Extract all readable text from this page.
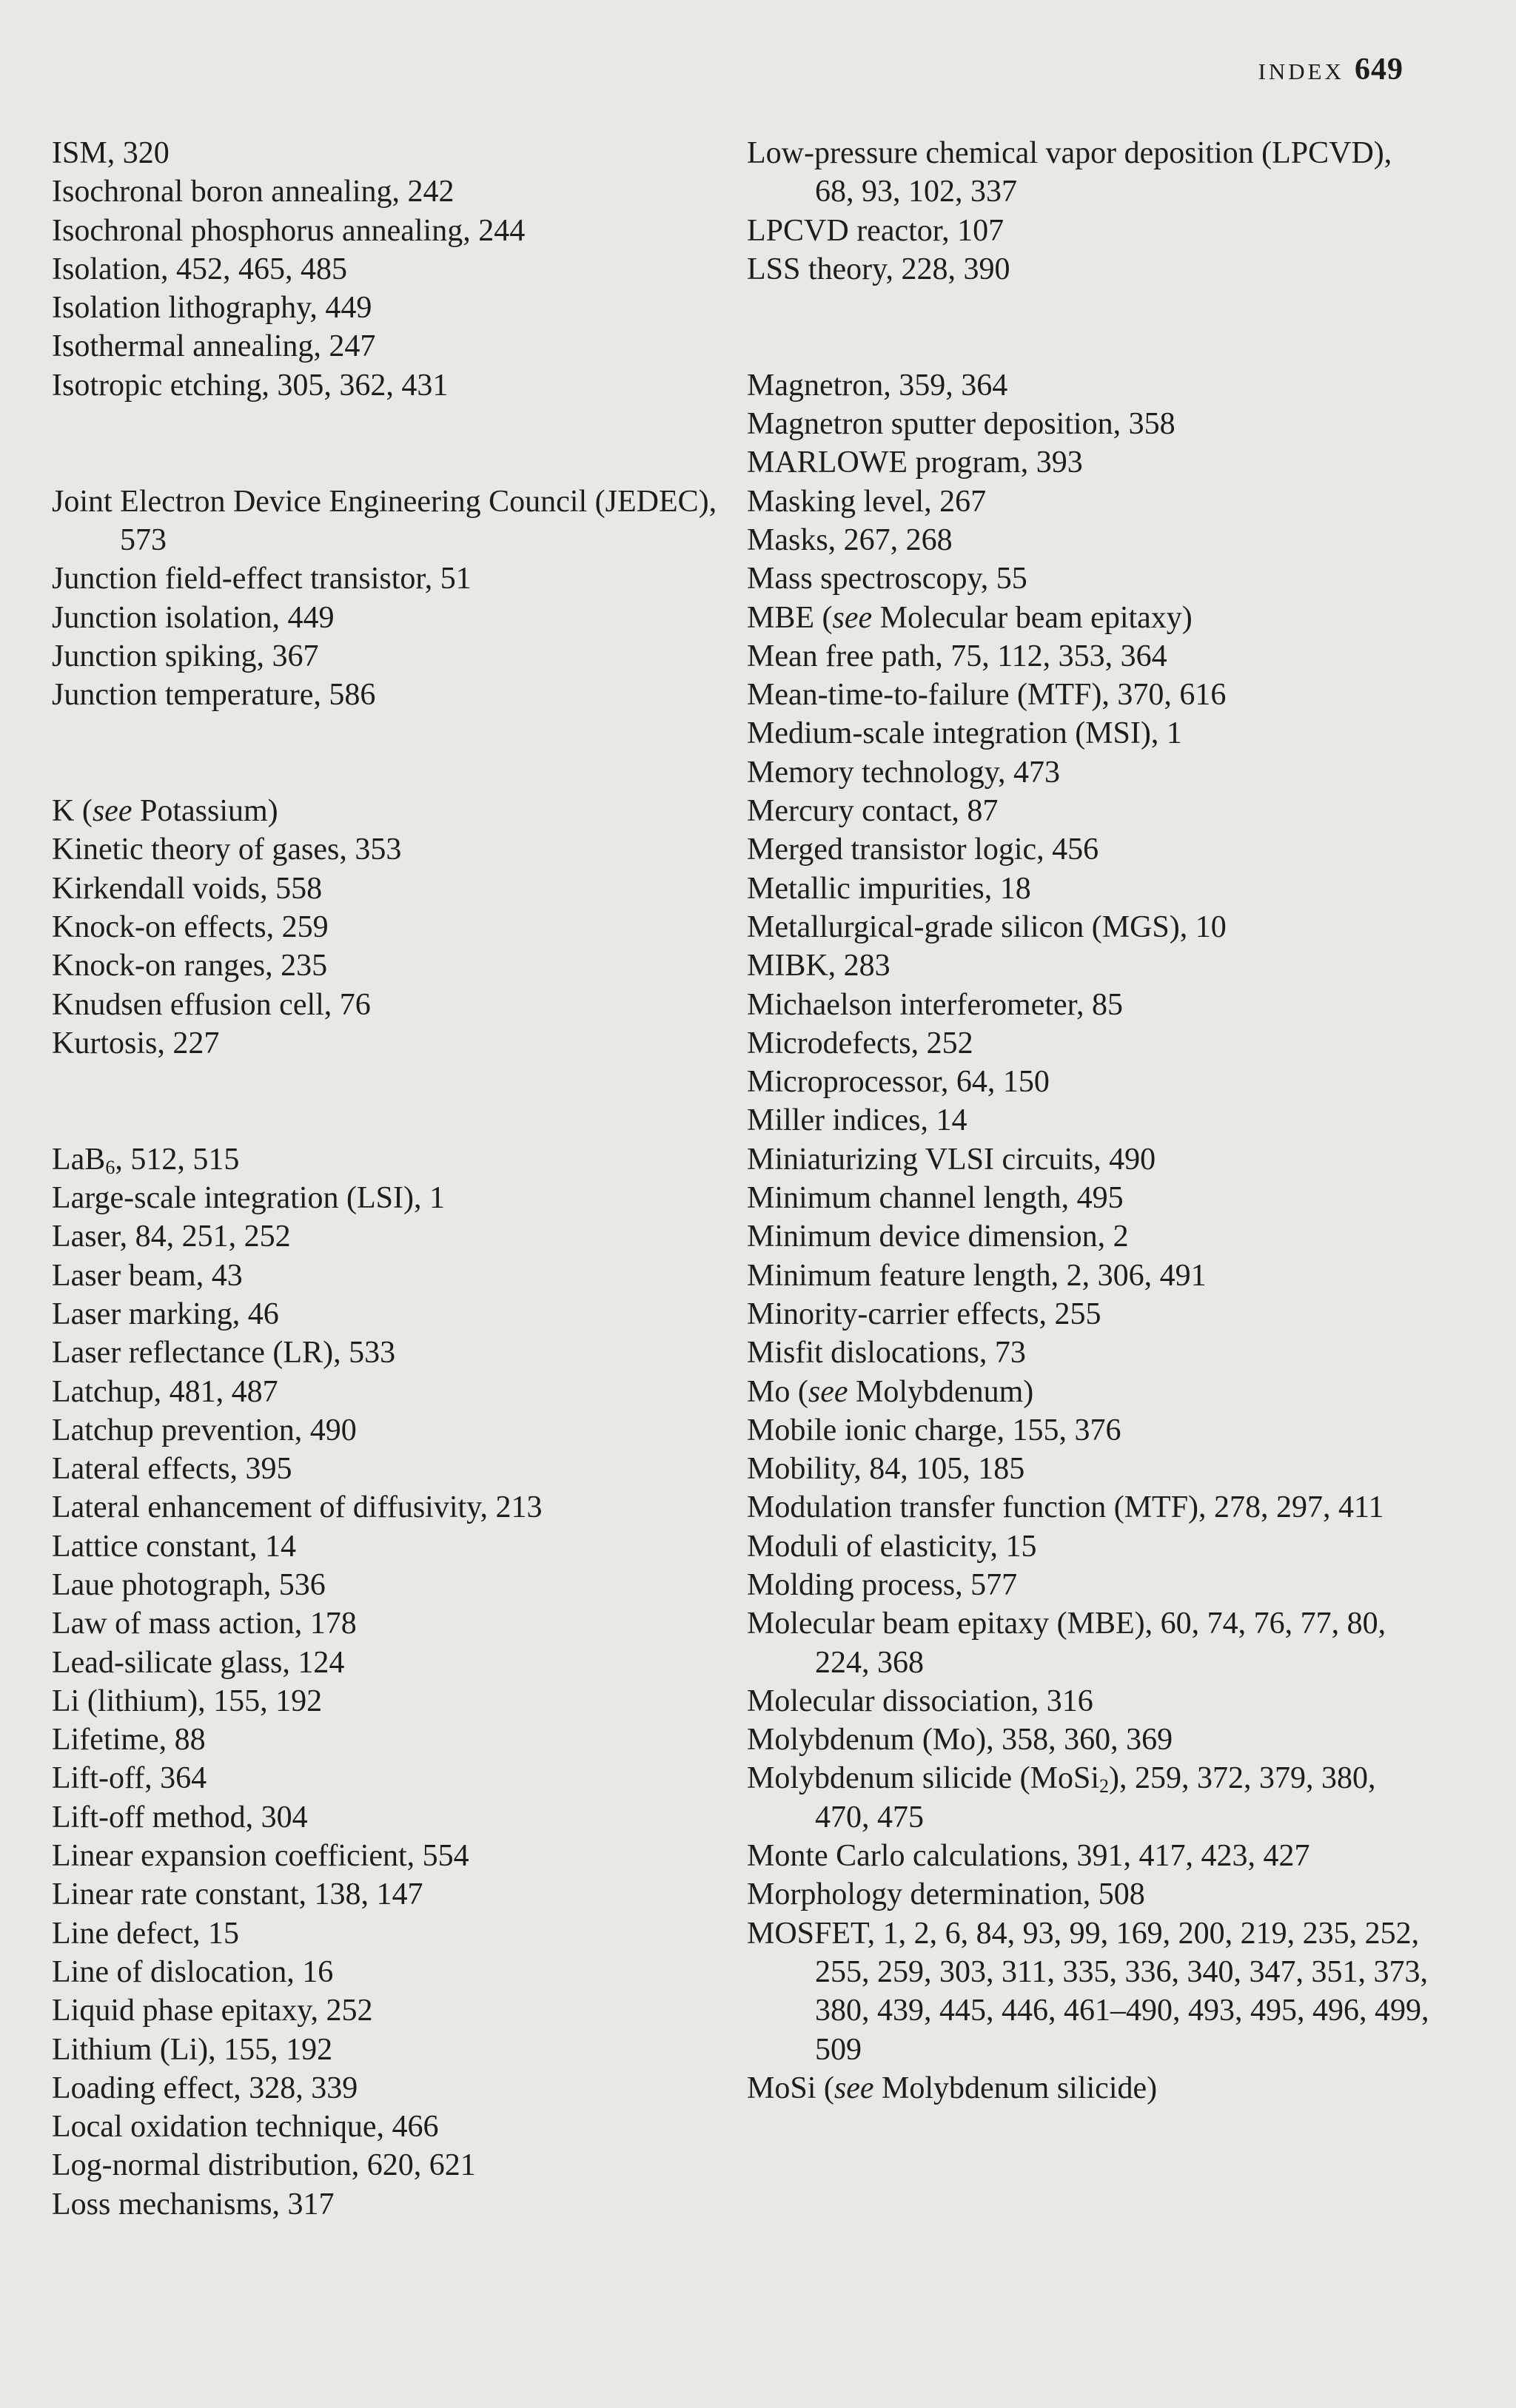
INDEX 649
ISM, 320
Isochronal boron annealing, 242
Isochronal phosphorus annealing, 244
Isolation, 452, 465, 485
Isolation lithography, 449
Isothermal annealing, 247
Isotropic etching, 305, 362, 431
Joint Electron Device Engineering Council (JEDEC), 573
Junction field-effect transistor, 51
Junction isolation, 449
Junction spiking, 367
Junction temperature, 586
K (see Potassium)
Kinetic theory of gases, 353
Kirkendall voids, 558
Knock-on effects, 259
Knock-on ranges, 235
Knudsen effusion cell, 76
Kurtosis, 227
LaB$_6$, 512, 515
Large-scale integration (LSI), 1
Laser, 84, 251, 252
Laser beam, 43
Laser marking, 46
Laser reflectance (LR), 533
Latchup, 481, 487
Latchup prevention, 490
Lateral effects, 395
Lateral enhancement of diffusivity, 213
Lattice constant, 14
Laue photograph, 536
Law of mass action, 178
Lead-silicate glass, 124
Li (lithium), 155, 192
Lifetime, 88
Lift-off, 364
Lift-off method, 304
Linear expansion coefficient, 554
Linear rate constant, 138, 147
Line defect, 15
Line of dislocation, 16
Liquid phase epitaxy, 252
Lithium (Li), 155, 192
Loading effect, 328, 339
Local oxidation technique, 466
Log-normal distribution, 620, 621
Loss mechanisms, 317
Low-pressure chemical vapor deposition (LPCVD), 68, 93, 102, 337
LPCVD reactor, 107
LSS theory, 228, 390
Magnetron, 359, 364
Magnetron sputter deposition, 358
MARLOWE program, 393
Masking level, 267
Masks, 267, 268
Mass spectroscopy, 55
MBE (see Molecular beam epitaxy)
Mean free path, 75, 112, 353, 364
Mean-time-to-failure (MTF), 370, 616
Medium-scale integration (MSI), 1
Memory technology, 473
Mercury contact, 87
Merged transistor logic, 456
Metallic impurities, 18
Metallurgical-grade silicon (MGS), 10
MIBK, 283
Michaelson interferometer, 85
Microdefects, 252
Microprocessor, 64, 150
Miller indices, 14
Miniaturizing VLSI circuits, 490
Minimum channel length, 495
Minimum device dimension, 2
Minimum feature length, 2, 306, 491
Minority-carrier effects, 255
Misfit dislocations, 73
Mo (see Molybdenum)
Mobile ionic charge, 155, 376
Mobility, 84, 105, 185
Modulation transfer function (MTF), 278, 297, 411
Moduli of elasticity, 15
Molding process, 577
Molecular beam epitaxy (MBE), 60, 74, 76, 77, 80, 224, 368
Molecular dissociation, 316
Molybdenum (Mo), 358, 360, 369
Molybdenum silicide (MoSi$_2$), 259, 372, 379, 380, 470, 475
Monte Carlo calculations, 391, 417, 423, 427
Morphology determination, 508
MOSFET, 1, 2, 6, 84, 93, 99, 169, 200, 219, 235, 252, 255, 259, 303, 311, 335, 336, 340, 347, 351, 373, 380, 439, 445, 446, 461–490, 493, 495, 496, 499, 509
MoSi (see Molybdenum silicide)
